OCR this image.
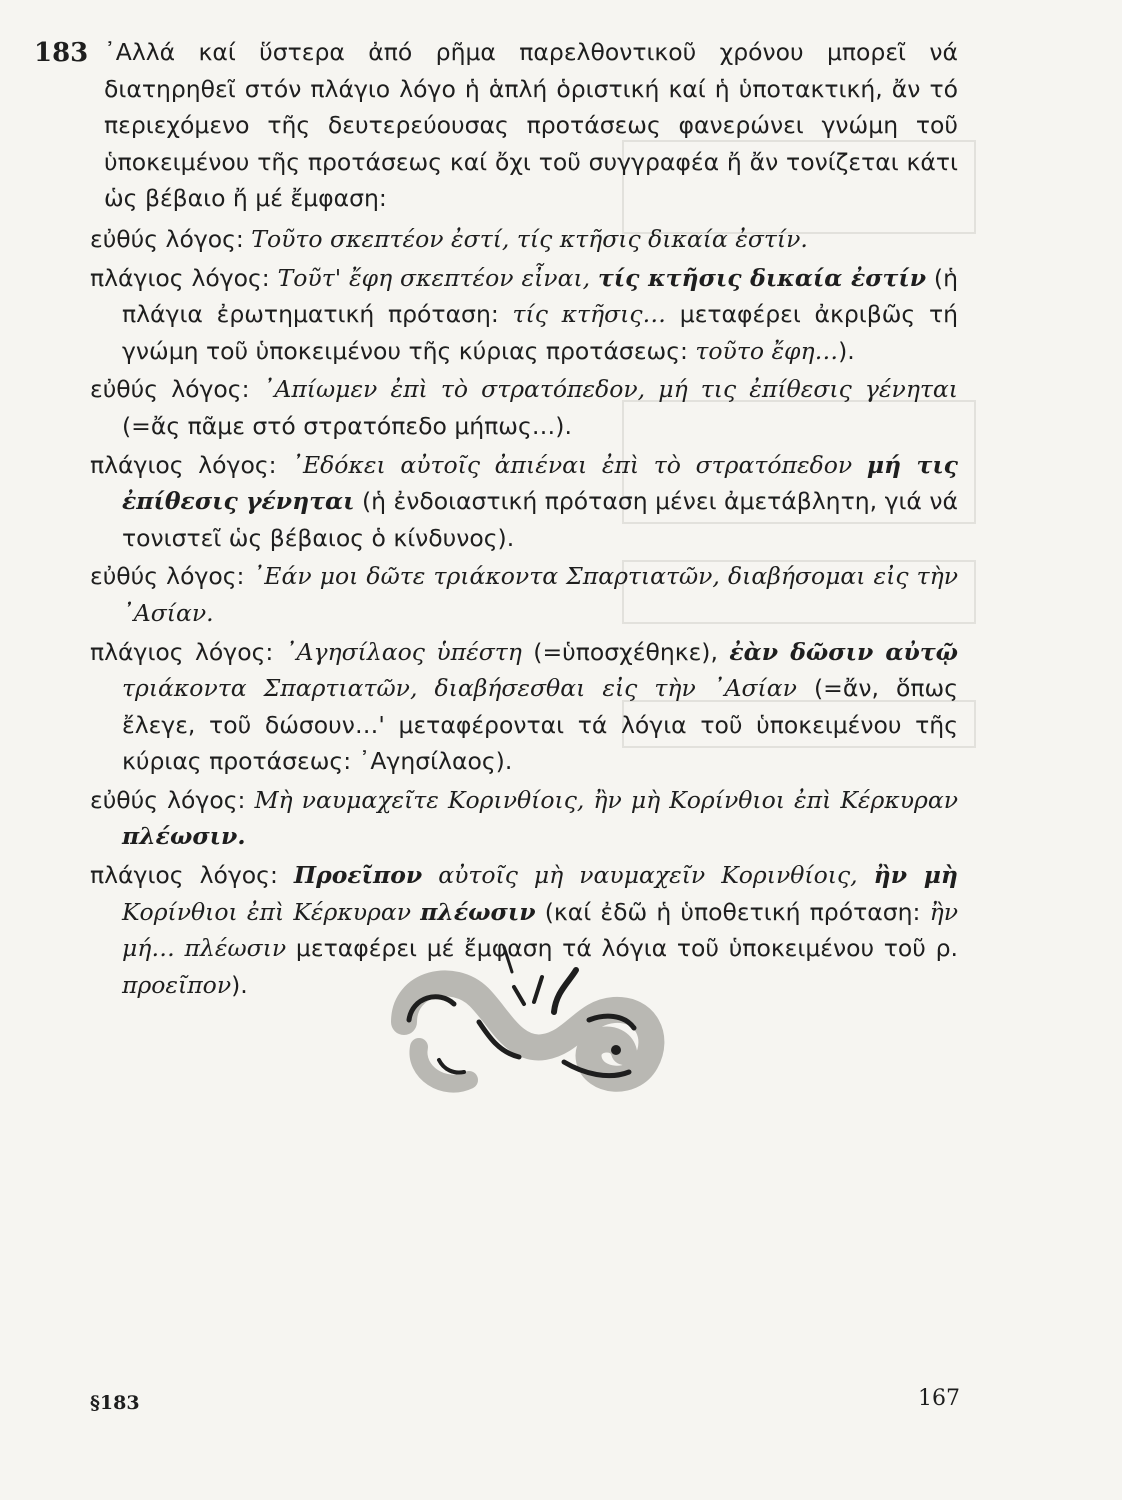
183 ᾿Αλλά καί ὕστερα ἀπό ρῆμα παρελθοντικοῦ χρόνου μπορεῖ νά διατηρηθεῖ στόν πλάγιο λόγο ἡ ἁπλή ὁριστική καί ἡ ὑποτακτική, ἄν τό περιεχόμενο τῆς δευτερεύουσας προτάσεως φανερώνει γνώμη τοῦ ὑποκειμένου τῆς προτάσεως καί ὄχι τοῦ συγγραφέα ἤ ἄν τονίζεται κάτι ὡς βέβαιο ἤ μέ ἔμφαση:

εὐθύς λόγος: Τοῦτο σκεπτέον ἐστί, τίς κτῆσις δικαία ἐστίν.

πλάγιος λόγος: Τοῦτ' ἔφη σκεπτέον εἶναι, τίς κτῆσις δικαία ἐστίν (ἡ πλάγια ἐρωτηματική πρόταση: τίς κτῆσις… μεταφέρει ἀκριβῶς τή γνώμη τοῦ ὑποκειμένου τῆς κύριας προτάσεως: τοῦτο ἔφη…).

εὐθύς λόγος: ᾿Απίωμεν ἐπὶ τὸ στρατόπεδον, μή τις ἐπίθεσις γένηται (=ἄς πᾶμε στό στρατόπεδο μήπως…).

πλάγιος λόγος: ᾿Εδόκει αὐτοῖς ἀπιέναι ἐπὶ τὸ στρατόπεδον μή τις ἐπίθεσις γένηται (ἡ ἐνδοιαστική πρόταση μένει ἀμετάβλητη, γιά νά τονιστεῖ ὡς βέβαιος ὁ κίνδυνος).

εὐθύς λόγος: ᾿Εάν μοι δῶτε τριάκοντα Σπαρτιατῶν, διαβήσομαι εἰς τὴν ᾿Ασίαν.

πλάγιος λόγος: ᾿Αγησίλαος ὑπέστη (=ὑποσχέθηκε), ἐὰν δῶσιν αὐτῷ τριάκοντα Σπαρτιατῶν, διαβήσεσθαι εἰς τὴν ᾿Ασίαν (=ἄν, ὅπως ἔλεγε, τοῦ δώσουν…' μεταφέρονται τά λόγια τοῦ ὑποκειμένου τῆς κύριας προτάσεως: ᾿Αγησίλαος).

εὐθύς λόγος: Μὴ ναυμαχεῖτε Κορινθίοις, ἢν μὴ Κορίνθιοι ἐπὶ Κέρκυραν πλέωσιν.

πλάγιος λόγος: Προεῖπον αὐτοῖς μὴ ναυμαχεῖν Κορινθίοις, ἢν μὴ Κορίνθιοι ἐπὶ Κέρκυραν πλέωσιν (καί ἐδῶ ἡ ὑποθετική πρόταση: ἢν μή… πλέωσιν μεταφέρει μέ ἔμφαση τά λόγια τοῦ ὑποκειμένου τοῦ ρ. προεῖπον).

§183	167
